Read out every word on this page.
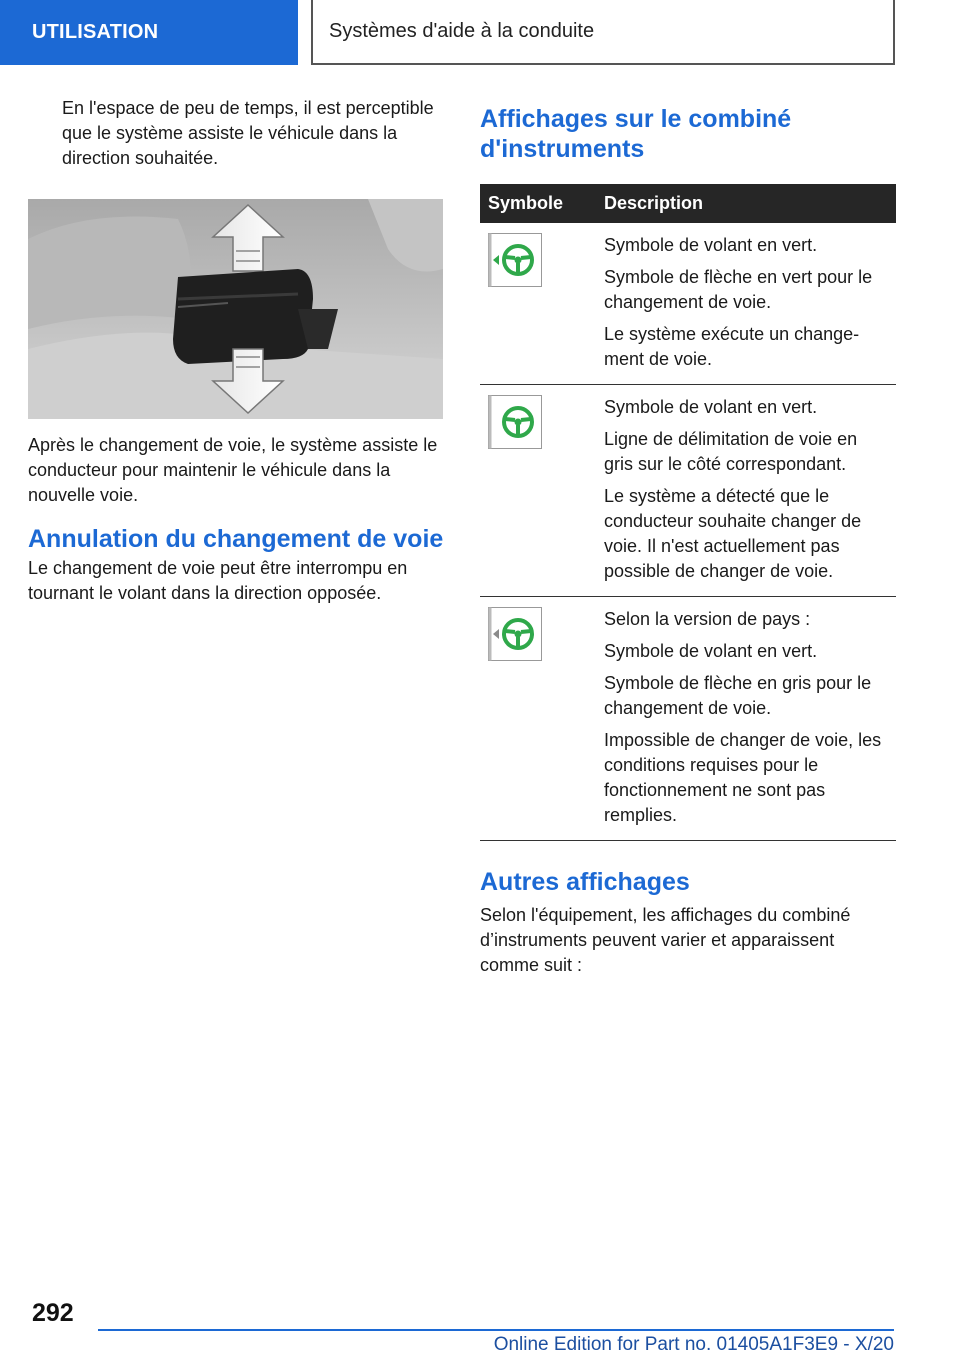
UTILISATION	Systèmes d'aide à la conduite

En l'espace de peu de temps, il est perceptible que le système assiste le véhicule dans la direction souhaitée.

Après le changement de voie, le système assiste le conducteur pour maintenir le véhicule dans la nouvelle voie.

Annulation du changement de voie

Le changement de voie peut être interrompu en tournant le volant dans la direction opposée.

Affichages sur le combiné d'instruments
Symbole	Description

Symbole de volant en vert.
Symbole de flèche en vert pour le changement de voie.
Le système exécute un changement de voie.

Symbole de volant en vert.
Ligne de délimitation de voie en gris sur le côté correspondant.
Le système a détecté que le conducteur souhaite changer de voie. Il n'est actuellement pas possible de changer de voie.

Selon la version de pays :
Symbole de volant en vert.
Symbole de flèche en gris pour le changement de voie.
Impossible de changer de voie, les conditions requises pour le fonctionnement ne sont pas remplies.
Autres affichages

Selon l'équipement, les affichages du combiné d’instruments peuvent varier et apparaissent comme suit :

292
Online Edition for Part no. 01405A1F3E9 - X/20
